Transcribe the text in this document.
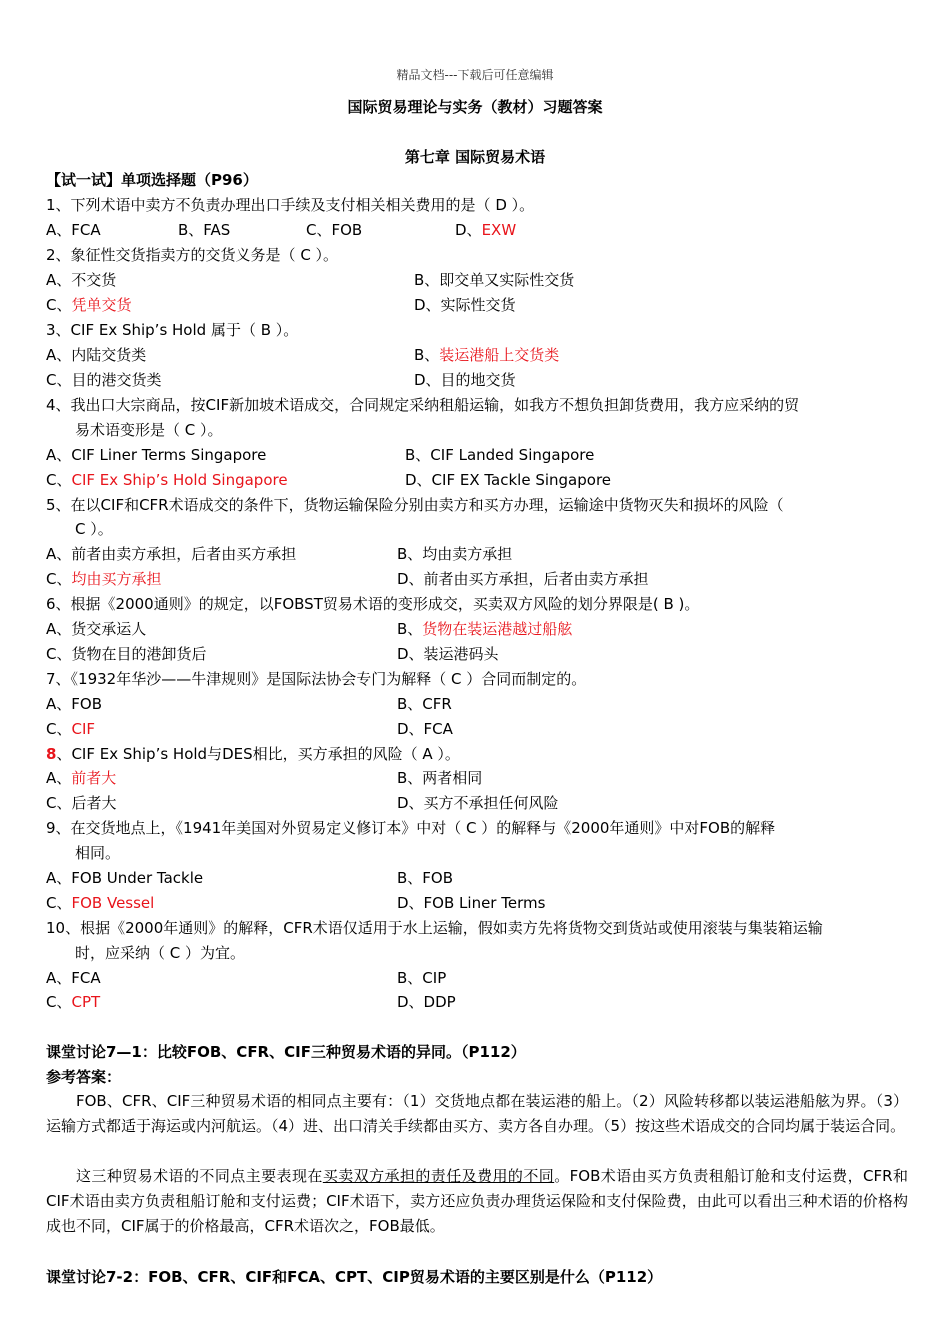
精品文档---下载后可任意编辑
国际贸易理论与实务（教材）习题答案
第七章 国际贸易术语
【试一试】单项选择题（P96）
1、下列术语中卖方不负责办理出口手续及支付相关相关费用的是（ D ）。
A、FCA	B、FAS	C、FOB	D、EXW
2、象征性交货指卖方的交货义务是（ C ）。
A、不交货	B、即交单又实际性交货
C、凭单交货	D、实际性交货
3、CIF Ex Ship’s Hold 属于（ B ）。
A、内陆交货类	B、装运港船上交货类
C、目的港交货类	D、目的地交货
4、我出口大宗商品，按CIF新加坡术语成交，合同规定采纳租船运输，如我方不想负担卸货费用，我方应采纳的贸
易术语变形是（ C ）。
A、CIF Liner Terms Singapore	B、CIF Landed Singapore
C、CIF Ex Ship’s Hold Singapore	D、CIF EX Tackle Singapore
5、在以CIF和CFR术语成交的条件下，货物运输保险分别由卖方和买方办理，运输途中货物灭失和损坏的风险（
C ）。
A、前者由卖方承担，后者由买方承担	B、均由卖方承担
C、均由买方承担	D、前者由买方承担，后者由卖方承担
6、根据《2000通则》的规定，以FOBST贸易术语的变形成交，买卖双方风险的划分界限是( B )。
A、货交承运人	B、货物在装运港越过船舷
C、货物在目的港卸货后	D、装运港码头
7、《1932年华沙——牛津规则》是国际法协会专门为解释（ C ）合同而制定的。
A、FOB	B、CFR
C、CIF	D、FCA
8、CIF Ex Ship’s Hold与DES相比，买方承担的风险（ A ）。
A、前者大	B、两者相同
C、后者大	D、买方不承担任何风险
9、在交货地点上，《1941年美国对外贸易定义修订本》中对（ C ）的解释与《2000年通则》中对FOB的解释
相同。
A、FOB Under Tackle	B、FOB
C、FOB Vessel	D、FOB Liner Terms
10、根据《2000年通则》的解释，CFR术语仅适用于水上运输，假如卖方先将货物交到货站或使用滚装与集装箱运输
时，应采纳（ C ）为宜。
A、FCA	B、CIP
C、CPT	D、DDP
课堂讨论7—1：比较FOB、CFR、CIF三种贸易术语的异同。（P112）
参考答案：
FOB、CFR、CIF三种贸易术语的相同点主要有：（1）交货地点都在装运港的船上。（2）风险转移都以装运港船舷为界。（3）运输方式都适于海运或内河航运。（4）进、出口清关手续都由买方、卖方各自办理。（5）按这些术语成交的合同均属于装运合同。
这三种贸易术语的不同点主要表现在买卖双方承担的责任及费用的不同。FOB术语由买方负责租船订舱和支付运费，CFR和CIF术语由卖方负责租船订舱和支付运费；CIF术语下，卖方还应负责办理货运保险和支付保险费，由此可以看出三种术语的价格构成也不同，CIF属于的价格最高，CFR术语次之，FOB最低。
课堂讨论7-2：FOB、CFR、CIF和FCA、CPT、CIP贸易术语的主要区别是什么（P112）
